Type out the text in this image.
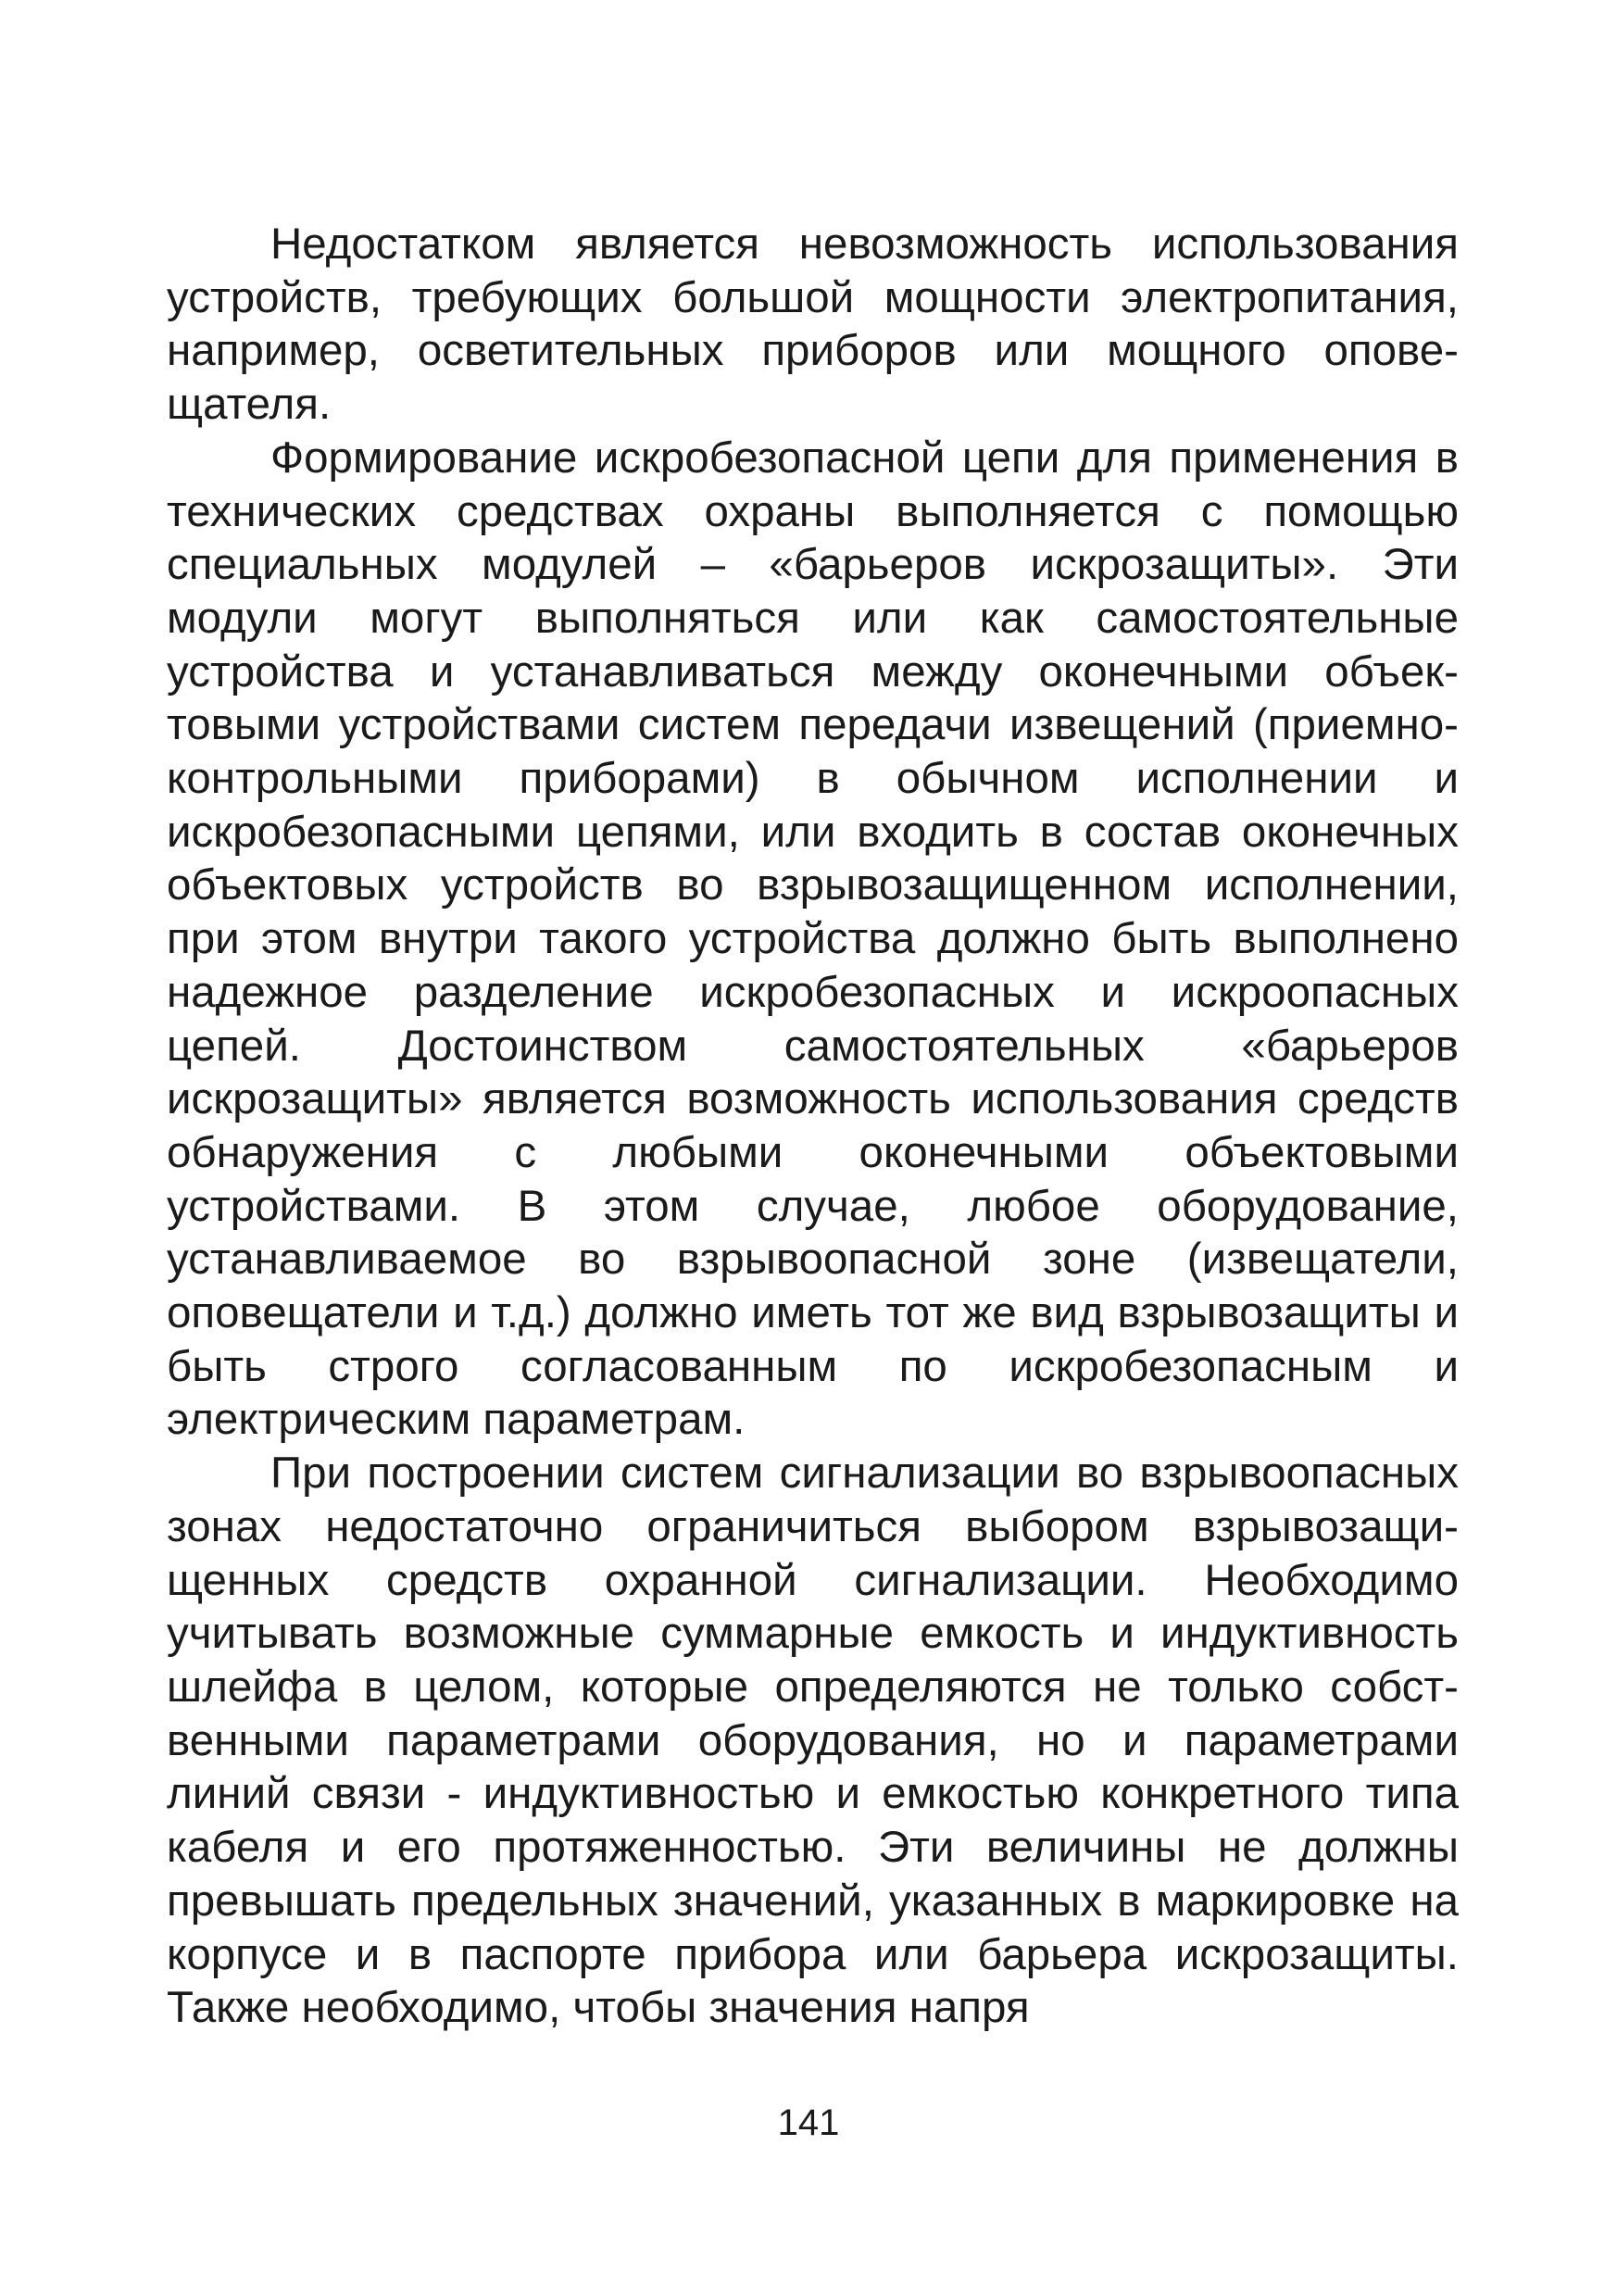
Недостатком является невозможность использования устройств, требующих большой мощности электропитания, например, осветительных приборов или мощного оповещателя.

Формирование искробезопасной цепи для применения в технических средствах охраны выполняется с помощью специальных модулей – «барьеров искрозащиты». Эти модули могут выполняться или как самостоятельные устройства и устанавливаться между оконечными объектовыми устройствами систем передачи извещений (приемно-контрольными приборами) в обычном исполнении и искробезопасными цепями, или входить в состав оконечных объектовых устройств во взрывозащищенном исполнении, при этом внутри такого устройства должно быть выполнено надежное разделение искробезопасных и искроопасных цепей. Достоинством самостоятельных «барьеров искрозащиты» является возможность использования средств обнаружения с любыми оконечными объектовыми устройствами. В этом случае, любое оборудование, устанавливаемое во взрывоопасной зоне (извещатели, оповещатели и т.д.) должно иметь тот же вид взрывозащиты и быть строго согласованным по искробезопасным и электрическим параметрам.

При построении систем сигнализации во взрывоопасных зонах недостаточно ограничиться выбором взрывозащищенных средств охранной сигнализации. Необходимо учитывать возможные суммарные емкость и индуктивность шлейфа в целом, которые определяются не только собственными параметрами оборудования, но и параметрами линий связи - индуктивностью и емкостью конкретного типа кабеля и его протяженностью. Эти величины не должны превышать предельных значений, указанных в маркировке на корпусе и в паспорте прибора или барьера искрозащиты. Также необходимо, чтобы значения напря

141
